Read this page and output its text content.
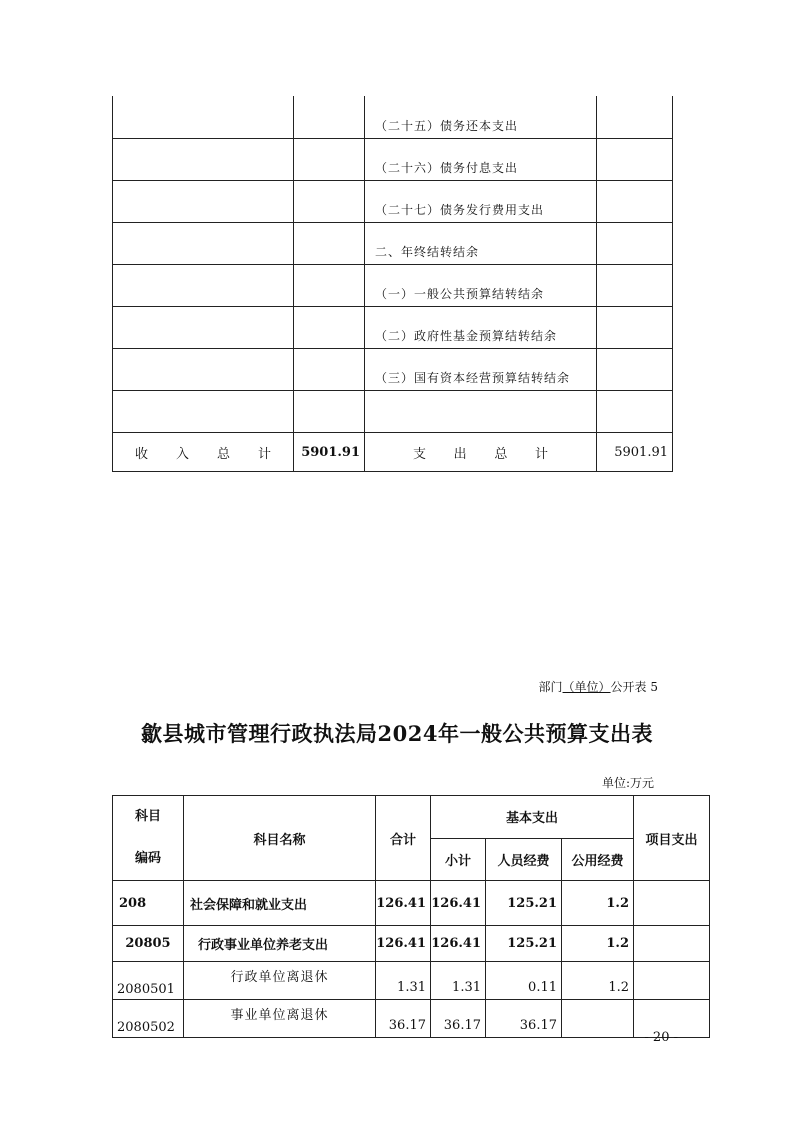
		（二十五）债务还本支出	
		（二十六）债务付息支出	
		（二十七）债务发行费用支出	
		二、年终结转结余	
		（一）一般公共预算结转结余	
		（二）政府性基金预算结转结余	
		（三）国有资本经营预算结转结余	

收入总计	5901.91	支出总计	5901.91
部门（单位）公开表 5
歙县城市管理行政执法局2024年一般公共预算支出表
单位:万元
科目
编码	科目名称	合计	基本支出			项目支出
			小计	人员经费	公用经费	
208	社会保障和就业支出	126.41	126.41	125.21	1.2	
20805	行政事业单位养老支出	126.41	126.41	125.21	1.2	
2080501	行政单位离退休	1.31	1.31	0.11	1.2	
2080502	事业单位离退休	36.17	36.17	36.17		
- 20 -
